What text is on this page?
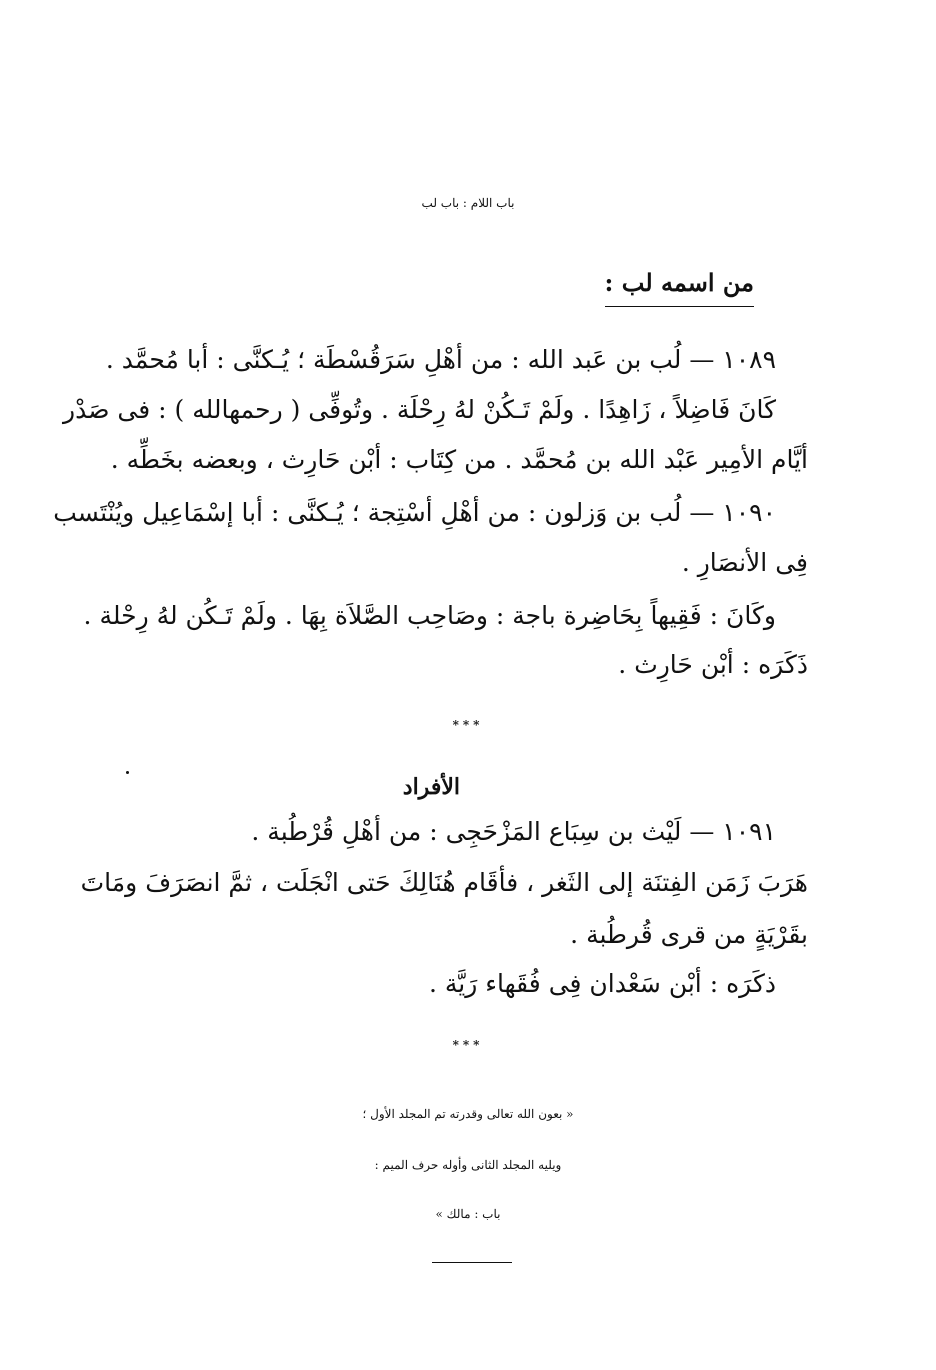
باب اللام : باب لب
من اسمه لب :
١٠٨٩ — لُب بن عَبد الله : من أهْلِ سَرَقُسْطَة ؛ يُـكنَّى : أبا مُحمَّد .
كَانَ فَاضِلاً ، زَاهِدًا . ولَمْ تَـكُنْ لهُ رِحْلَة . وتُوفِّى ( رحمهالله ) : فى صَدْر
أيَّام الأمِير عَبْد الله بن مُحمَّد . من كِتَاب : أبْن حَارِث ، وبعضه بخَطِّه .
١٠٩٠ — لُب بن وَزلون : من أهْلِ أسْتِجة ؛ يُـكنَّى : أبا إسْمَاعِيل ويُنْتَسب
فِى الأنصَارِ .
وكَانَ : فَقِيهاً بِحَاضِرة باجة : وصَاحِب الصَّلاَة بِهَا . ولَمْ تَـكُن لهُ رِحْلة .
ذَكَرَه : أبْن حَارِث .
***
الأفراد
١٠٩١ — لَيْث بن سِبَاع المَزْحَجِى : من أهْلِ قُرْطُبة .
هَرَبَ زَمَن الفِتنَة إلى الثَغر ، فأقَام هُنَالِكَ حَتى انْجَلَت ، ثمَّ انصَرَفَ ومَاتَ
بقَرْيَةٍ من قرى قُرطُبة .
ذكَرَه : أبْن سَعْدان فِى فُقَهاء رَيَّة .
***
« بعون الله تعالى وقدرته تم المجلد الأول ؛
ويليه المجلد الثانى وأوله حرف الميم :
باب : مالك »
